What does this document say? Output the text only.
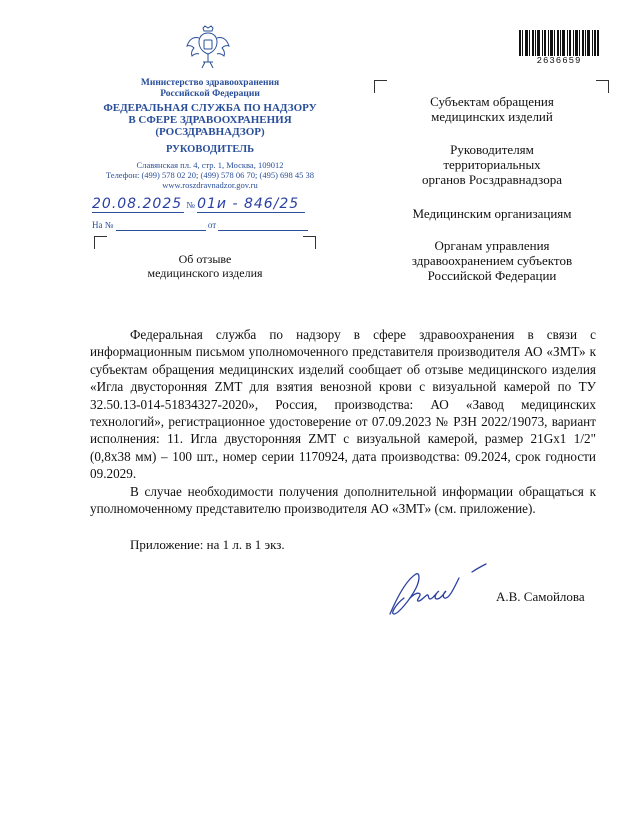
Министерство здравоохранения
Российской Федерации
ФЕДЕРАЛЬНАЯ СЛУЖБА ПО НАДЗОРУ
В СФЕРЕ ЗДРАВООХРАНЕНИЯ
(РОСЗДРАВНАДЗОР)
РУКОВОДИТЕЛЬ
Славянская пл. 4, стр. 1, Москва, 109012
Телефон: (499) 578 02 20; (499) 578 06 70; (495) 698 45 38
www.roszdravnadzor.gov.ru
20.08.2025 № 01и - 846/25
На №	от
Об отзыве
медицинского изделия
2636659
Субъектам обращения
медицинских изделий
Руководителям
территориальных
органов Росздравнадзора
Медицинским организациям
Органам управления
здравоохранением субъектов
Российской Федерации

Федеральная служба по надзору в сфере здравоохранения в связи с информационным письмом уполномоченного представителя производителя АО «ЗМТ» к субъектам обращения медицинских изделий сообщает об отзыве медицинского изделия «Игла двусторонняя ZMT для взятия венозной крови с визуальной камерой по ТУ 32.50.13-014-51834327-2020», Россия, производства: АО «Завод медицинских технологий», регистрационное удостоверение от 07.09.2023 № РЗН 2022/19073, вариант исполнения: 11. Игла двусторонняя ZMT с визуальной камерой, размер 21Gx1 1/2" (0,8x38 мм) – 100 шт., номер серии 1170924, дата производства: 09.2024, срок годности 09.2029.

В случае необходимости получения дополнительной информации обращаться к уполномоченному представителю производителя АО «ЗМТ» (см. приложение).

Приложение: на 1 л. в 1 экз.
А.В. Самойлова
